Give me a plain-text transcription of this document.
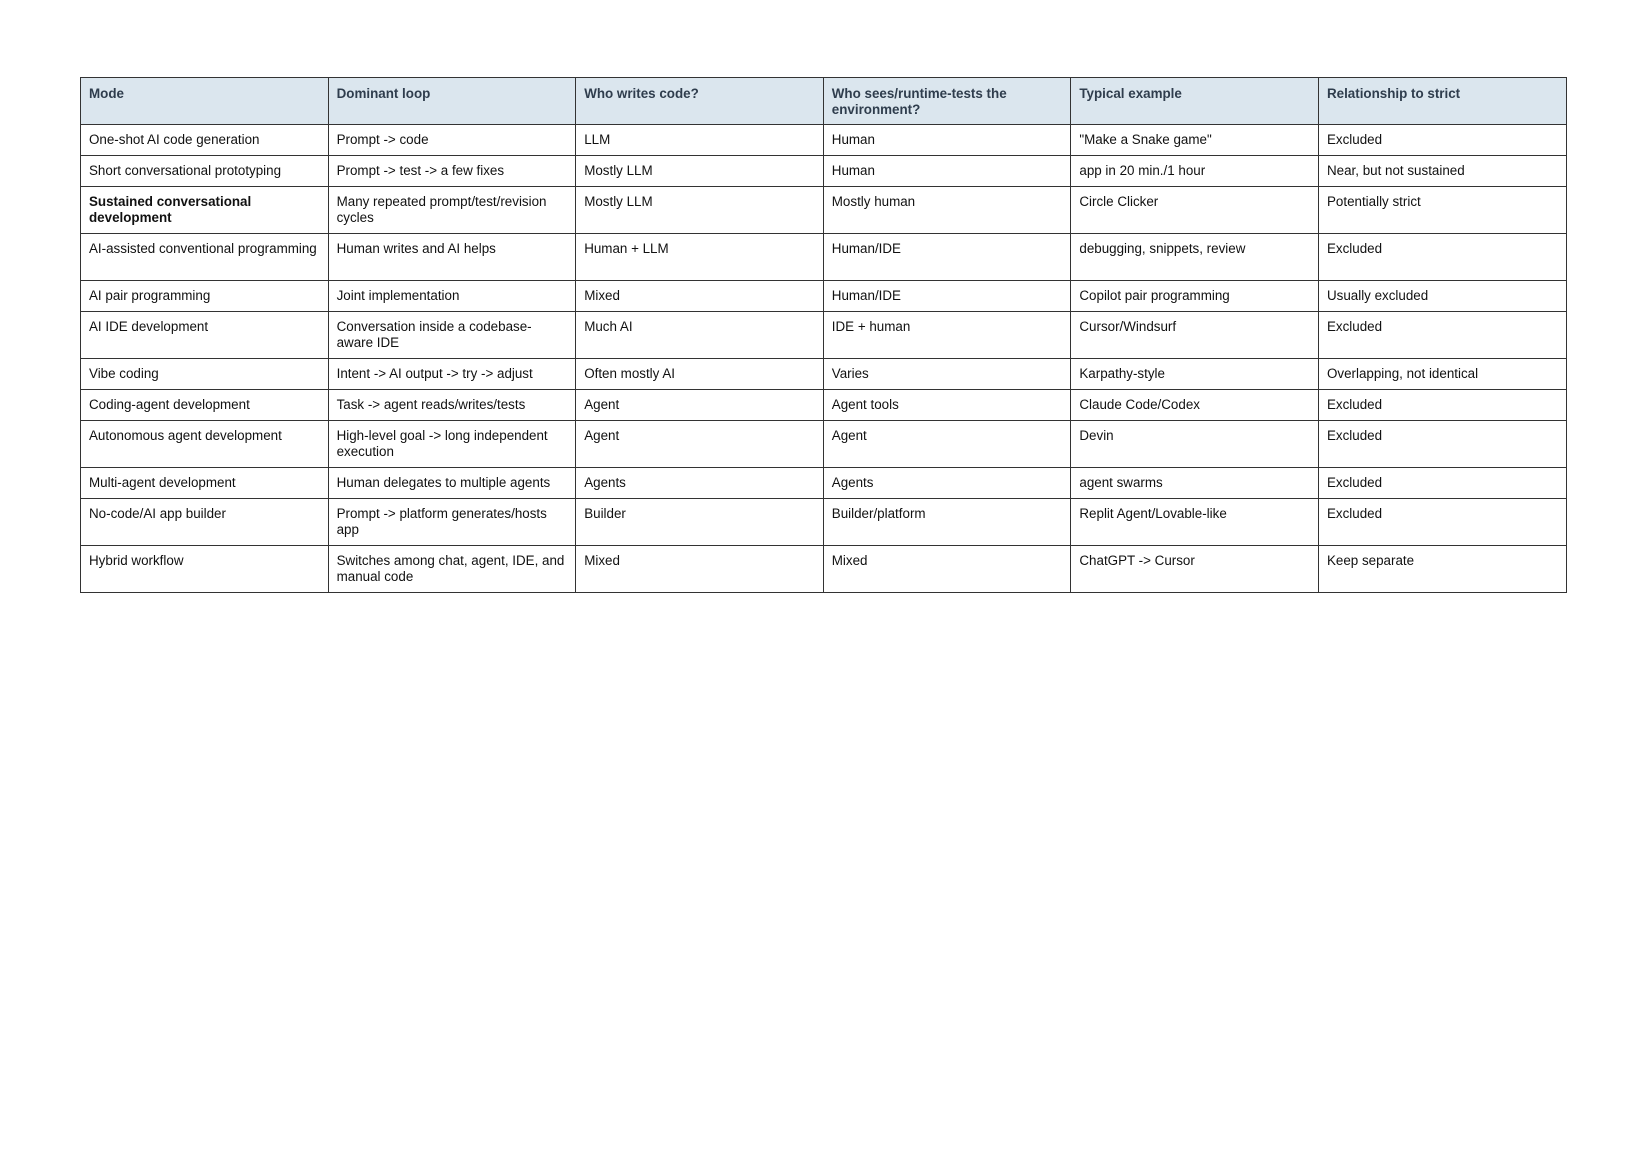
Mode	Dominant loop	Who writes code?	Who sees/runtime-tests the environment?	Typical example	Relationship to strict
One-shot AI code generation	Prompt -> code	LLM	Human	"Make a Snake game"	Excluded
Short conversational prototyping	Prompt -> test -> a few fixes	Mostly LLM	Human	app in 20 min./1 hour	Near, but not sustained
Sustained conversational development	Many repeated prompt/test/revision cycles	Mostly LLM	Mostly human	Circle Clicker	Potentially strict
AI-assisted conventional programming	Human writes and AI helps	Human + LLM	Human/IDE	debugging, snippets, review	Excluded
AI pair programming	Joint implementation	Mixed	Human/IDE	Copilot pair programming	Usually excluded
AI IDE development	Conversation inside a codebase-aware IDE	Much AI	IDE + human	Cursor/Windsurf	Excluded
Vibe coding	Intent -> AI output -> try -> adjust	Often mostly AI	Varies	Karpathy-style	Overlapping, not identical
Coding-agent development	Task -> agent reads/writes/tests	Agent	Agent tools	Claude Code/Codex	Excluded
Autonomous agent development	High-level goal -> long independent execution	Agent	Agent	Devin	Excluded
Multi-agent development	Human delegates to multiple agents	Agents	Agents	agent swarms	Excluded
No-code/AI app builder	Prompt -> platform generates/hosts app	Builder	Builder/platform	Replit Agent/Lovable-like	Excluded
Hybrid workflow	Switches among chat, agent, IDE, and manual code	Mixed	Mixed	ChatGPT -> Cursor	Keep separate
